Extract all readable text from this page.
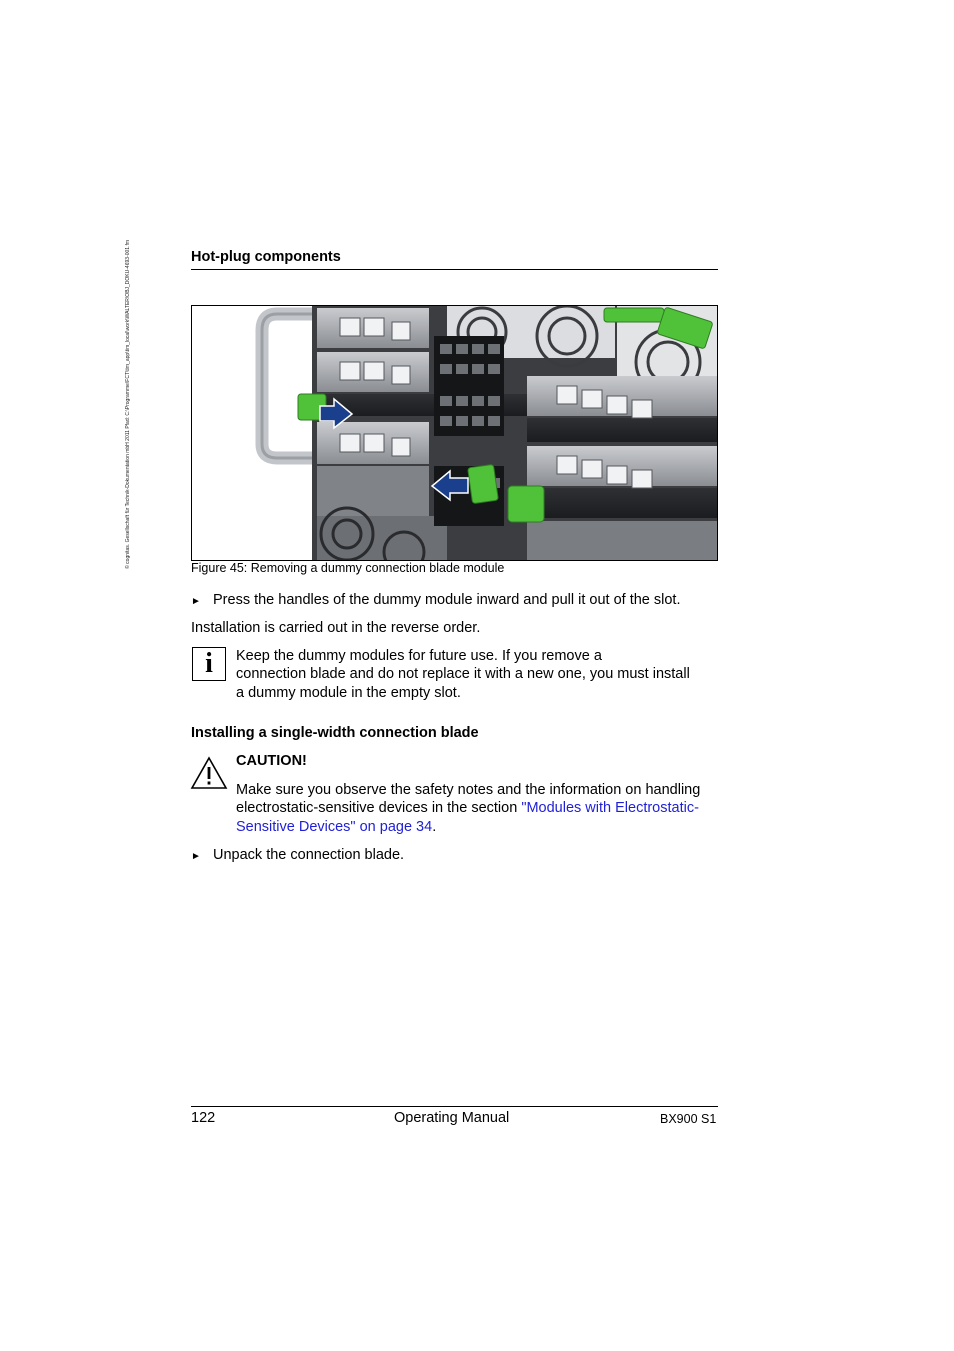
© cognitas. Gesellschaft für Technik-Dokumentation mbH 2011 Pfad: C:\Programme\FCT\tim_app\tim_local\work\WALTER\OBJ_DOKU-4693-001.fm	Hot-plug components
Figure 45: Removing a dummy connection blade module
► Press the handles of the dummy module inward and pull it out of the slot.
Installation is carried out in the reverse order.
i Keep the dummy modules for future use. If you remove a
connection blade and do not replace it with a new one, you must install
a dummy module in the empty slot.
Installing a single-width connection blade
CAUTION!
Make sure you observe the safety notes and the information on handling
electrostatic-sensitive devices in the section "Modules with Electrostatic-
Sensitive Devices" on page 34.
► Unpack the connection blade.
122	Operating Manual	BX900 S1
